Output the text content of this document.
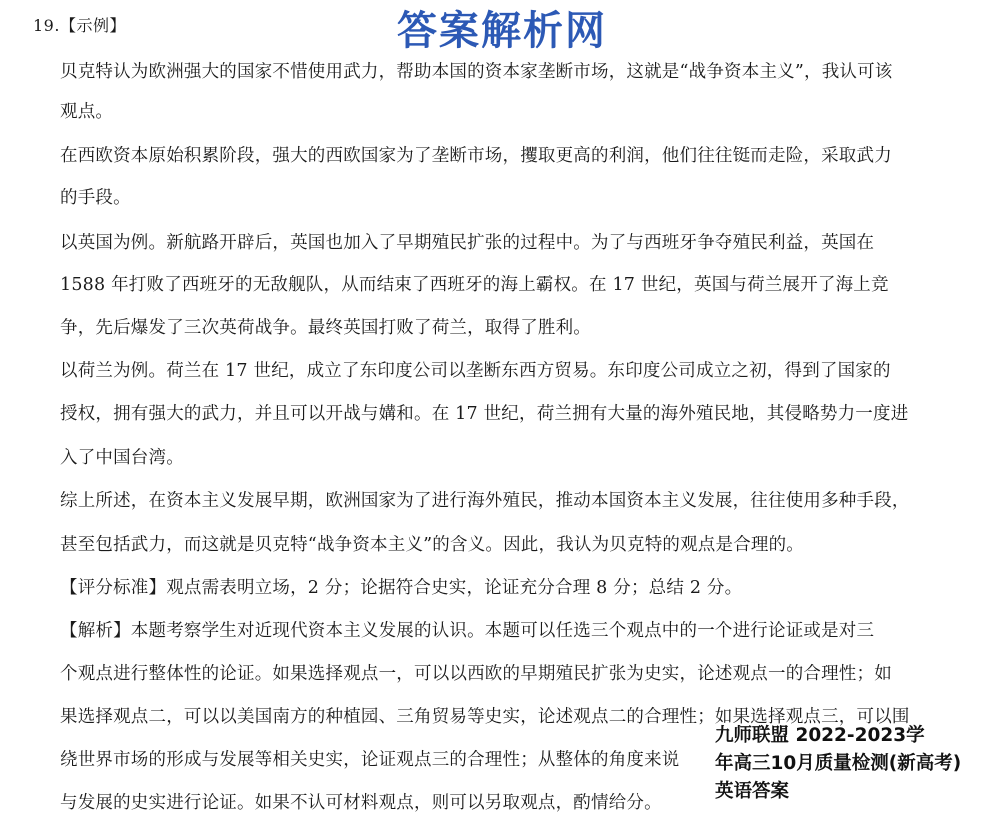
19.【示例】	答案解析网
贝克特认为欧洲强大的国家不惜使用武力，帮助本国的资本家垄断市场，这就是“战争资本主义”，我认可该
观点。
在西欧资本原始积累阶段，强大的西欧国家为了垄断市场，攫取更高的利润，他们往往铤而走险，采取武力
的手段。
以英国为例。新航路开辟后，英国也加入了早期殖民扩张的过程中。为了与西班牙争夺殖民利益，英国在
1588 年打败了西班牙的无敌舰队，从而结束了西班牙的海上霸权。在 17 世纪，英国与荷兰展开了海上竞
争，先后爆发了三次英荷战争。最终英国打败了荷兰，取得了胜利。
以荷兰为例。荷兰在 17 世纪，成立了东印度公司以垄断东西方贸易。东印度公司成立之初，得到了国家的
授权，拥有强大的武力，并且可以开战与媾和。在 17 世纪，荷兰拥有大量的海外殖民地，其侵略势力一度进
入了中国台湾。
综上所述，在资本主义发展早期，欧洲国家为了进行海外殖民，推动本国资本主义发展，往往使用多种手段，
甚至包括武力，而这就是贝克特“战争资本主义”的含义。因此，我认为贝克特的观点是合理的。
【评分标准】观点需表明立场，2 分；论据符合史实，论证充分合理 8 分；总结 2 分。
【解析】本题考察学生对近现代资本主义发展的认识。本题可以任选三个观点中的一个进行论证或是对三
个观点进行整体性的论证。如果选择观点一，可以以西欧的早期殖民扩张为史实，论述观点一的合理性；如
果选择观点二，可以以美国南方的种植园、三角贸易等史实，论述观点二的合理性；如果选择观点三，可以围
绕世界市场的形成与发展等相关史实，论证观点三的合理性；从整体的角度来说
与发展的史实进行论证。如果不认可材料观点，则可以另取观点，酌情给分。
九师联盟 2022-2023学
年高三10月质量检测(新高考)
英语答案
